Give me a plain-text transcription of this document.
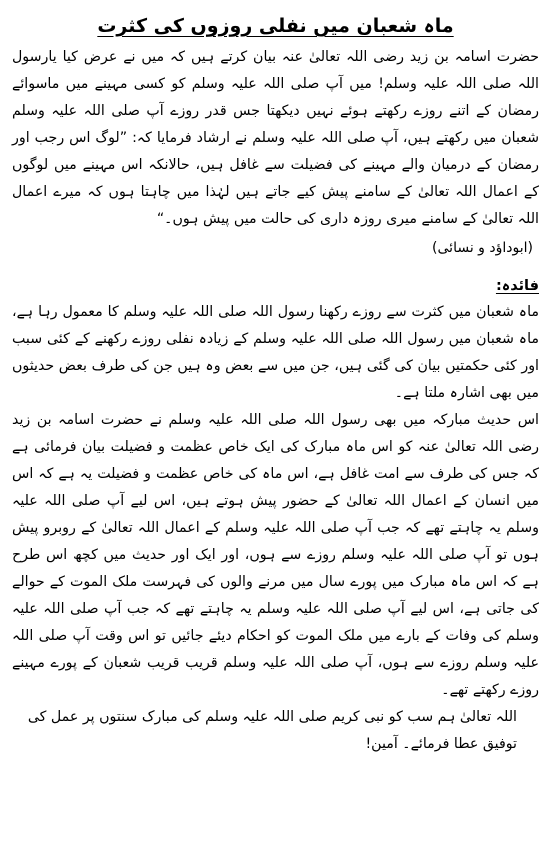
ماہ شعبان میں نفلی روزوں کی کثرت

حضرت اسامہ بن زید رضی اللہ تعالیٰ عنہ بیان کرتے ہیں کہ میں نے عرض کیا یارسول اللہ صلی اللہ علیہ وسلم! میں آپ صلی اللہ علیہ وسلم کو کسی مہینے میں ماسوائے رمضان کے اتنے روزے رکھتے ہوئے نہیں دیکھتا جس قدر روزے آپ صلی اللہ علیہ وسلم شعبان میں رکھتے ہیں، آپ صلی اللہ علیہ وسلم نے ارشاد فرمایا کہ: ”لوگ اس رجب اور رمضان کے درمیان والے مہینے کی فضیلت سے غافل ہیں، حالانکہ اس مہینے میں لوگوں کے اعمال اللہ تعالیٰ کے سامنے پیش کیے جاتے ہیں لہٰذا میں چاہتا ہوں کہ میرے اعمال اللہ تعالیٰ کے سامنے میری روزہ داری کی حالت میں پیش ہوں۔“

(ابوداؤد و نسائی)
فائدہ:

ماہ شعبان میں کثرت سے روزے رکھنا رسول اللہ صلی اللہ علیہ وسلم کا معمول رہا ہے، ماہ شعبان میں رسول اللہ صلی اللہ علیہ وسلم کے زیادہ نفلی روزے رکھنے کے کئی سبب اور کئی حکمتیں بیان کی گئی ہیں، جن میں سے بعض وہ ہیں جن کی طرف بعض حدیثوں میں بھی اشارہ ملتا ہے۔

اس حدیث مبارکہ میں بھی رسول اللہ صلی اللہ علیہ وسلم نے حضرت اسامہ بن زید رضی اللہ تعالیٰ عنہ کو اس ماہ مبارک کی ایک خاص عظمت و فضیلت بیان فرمائی ہے کہ جس کی طرف سے امت غافل ہے، اس ماہ کی خاص عظمت و فضیلت یہ ہے کہ اس میں انسان کے اعمال اللہ تعالیٰ کے حضور پیش ہوتے ہیں، اس لیے آپ صلی اللہ علیہ وسلم یہ چاہتے تھے کہ جب آپ صلی اللہ علیہ وسلم کے اعمال اللہ تعالیٰ کے روبرو پیش ہوں تو آپ صلی اللہ علیہ وسلم روزے سے ہوں، اور ایک اور حدیث میں کچھ اس طرح ہے کہ اس ماہ مبارک میں پورے سال میں مرنے والوں کی فہرست ملک الموت کے حوالے کی جاتی ہے، اس لیے آپ صلی اللہ علیہ وسلم یہ چاہتے تھے کہ جب آپ صلی اللہ علیہ وسلم کی وفات کے بارے میں ملک الموت کو احکام دیئے جائیں تو اس وقت آپ صلی اللہ علیہ وسلم روزے سے ہوں، آپ صلی اللہ علیہ وسلم قریب قریب شعبان کے پورے مہینے روزے رکھتے تھے۔

اللہ تعالیٰ ہم سب کو نبی کریم صلی اللہ علیہ وسلم کی مبارک سنتوں پر عمل کی توفیق عطا فرمائے۔ آمین!
